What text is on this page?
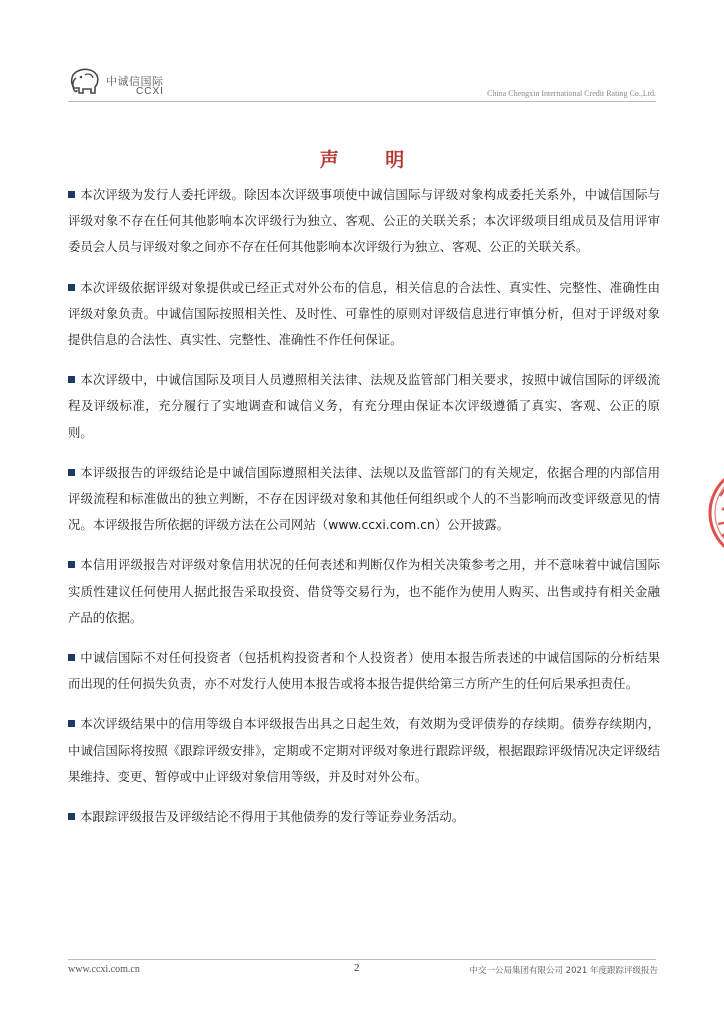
中诚信国际
CCXI	China Chengxin International Credit Rating Co.,Ltd.
声 明

本次评级为发行人委托评级。除因本次评级事项使中诚信国际与评级对象构成委托关系外，中诚信国际与评级对象不存在任何其他影响本次评级行为独立、客观、公正的关联关系；本次评级项目组成员及信用评审委员会人员与评级对象之间亦不存在任何其他影响本次评级行为独立、客观、公正的关联关系。

本次评级依据评级对象提供或已经正式对外公布的信息，相关信息的合法性、真实性、完整性、准确性由评级对象负责。中诚信国际按照相关性、及时性、可靠性的原则对评级信息进行审慎分析，但对于评级对象提供信息的合法性、真实性、完整性、准确性不作任何保证。

本次评级中，中诚信国际及项目人员遵照相关法律、法规及监管部门相关要求，按照中诚信国际的评级流程及评级标准，充分履行了实地调查和诚信义务，有充分理由保证本次评级遵循了真实、客观、公正的原则。

本评级报告的评级结论是中诚信国际遵照相关法律、法规以及监管部门的有关规定，依据合理的内部信用评级流程和标准做出的独立判断，不存在因评级对象和其他任何组织或个人的不当影响而改变评级意见的情况。本评级报告所依据的评级方法在公司网站（www.ccxi.com.cn）公开披露。

本信用评级报告对评级对象信用状况的任何表述和判断仅作为相关决策参考之用，并不意味着中诚信国际实质性建议任何使用人据此报告采取投资、借贷等交易行为，也不能作为使用人购买、出售或持有相关金融产品的依据。

中诚信国际不对任何投资者（包括机构投资者和个人投资者）使用本报告所表述的中诚信国际的分析结果而出现的任何损失负责，亦不对发行人使用本报告或将本报告提供给第三方所产生的任何后果承担责任。

本次评级结果中的信用等级自本评级报告出具之日起生效，有效期为受评债券的存续期。债券存续期内，中诚信国际将按照《跟踪评级安排》，定期或不定期对评级对象进行跟踪评级，根据跟踪评级情况决定评级结果维持、变更、暂停或中止评级对象信用等级，并及时对外公布。

本跟踪评级报告及评级结论不得用于其他债券的发行等证券业务活动。

www.ccxi.com.cn	2	中交一公局集团有限公司 2021 年度跟踪评级报告
